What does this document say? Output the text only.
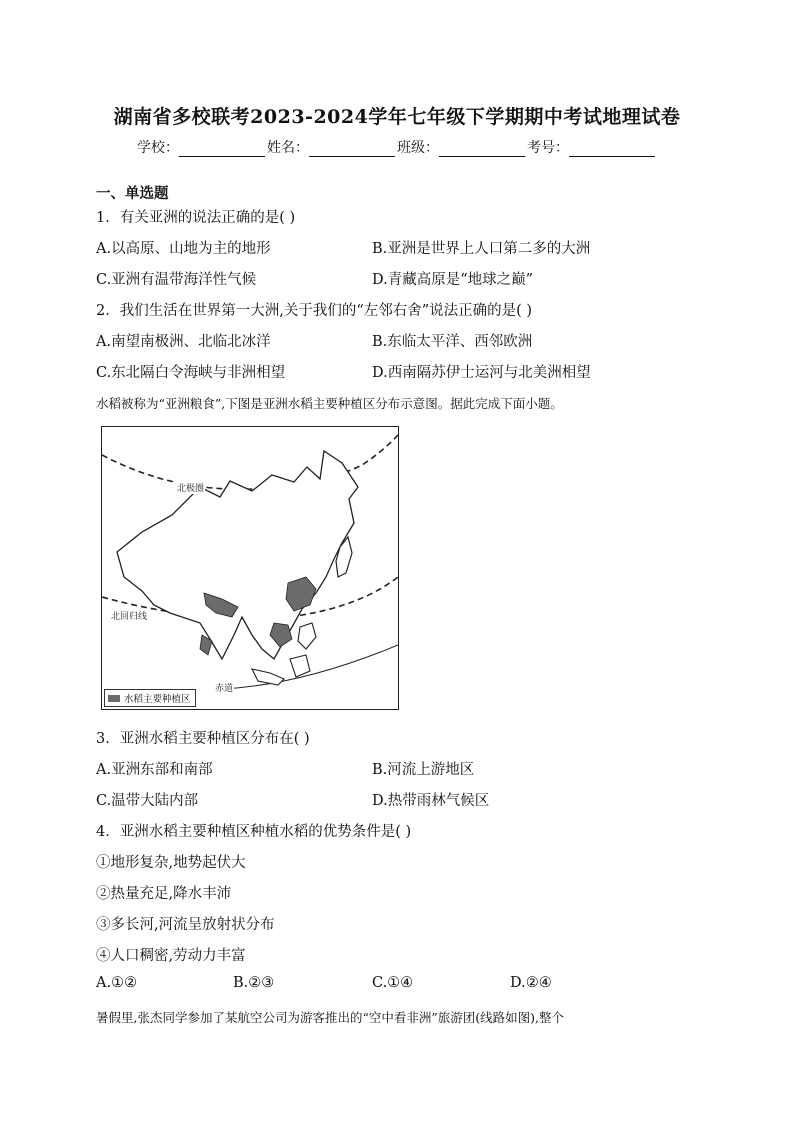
湖南省多校联考2023-2024学年七年级下学期期中考试地理试卷
学校：	姓名：	班级：	考号：
一、单选题
1．有关亚洲的说法正确的是( )
A.以高原、山地为主的地形	B.亚洲是世界上人口第二多的大洲
C.亚洲有温带海洋性气候	D.青藏高原是“地球之巅”
2．我们生活在世界第一大洲,关于我们的“左邻右舍”说法正确的是( )
A.南望南极洲、北临北冰洋	B.东临太平洋、西邻欧洲
C.东北隔白令海峡与非洲相望	D.西南隔苏伊士运河与北美洲相望
水稻被称为“亚洲粮食”,下图是亚洲水稻主要种植区分布示意图。据此完成下面小题。
北极圈
北回归线
赤道
水稻主要种植区
3．亚洲水稻主要种植区分布在( )
A.亚洲东部和南部	B.河流上游地区
C.温带大陆内部	D.热带雨林气候区
4．亚洲水稻主要种植区种植水稻的优势条件是( )
①地形复杂,地势起伏大
②热量充足,降水丰沛
③多长河,河流呈放射状分布
④人口稠密,劳动力丰富
A.①②	B.②③	C.①④	D.②④
暑假里,张杰同学参加了某航空公司为游客推出的“空中看非洲”旅游团(线路如图),整个
